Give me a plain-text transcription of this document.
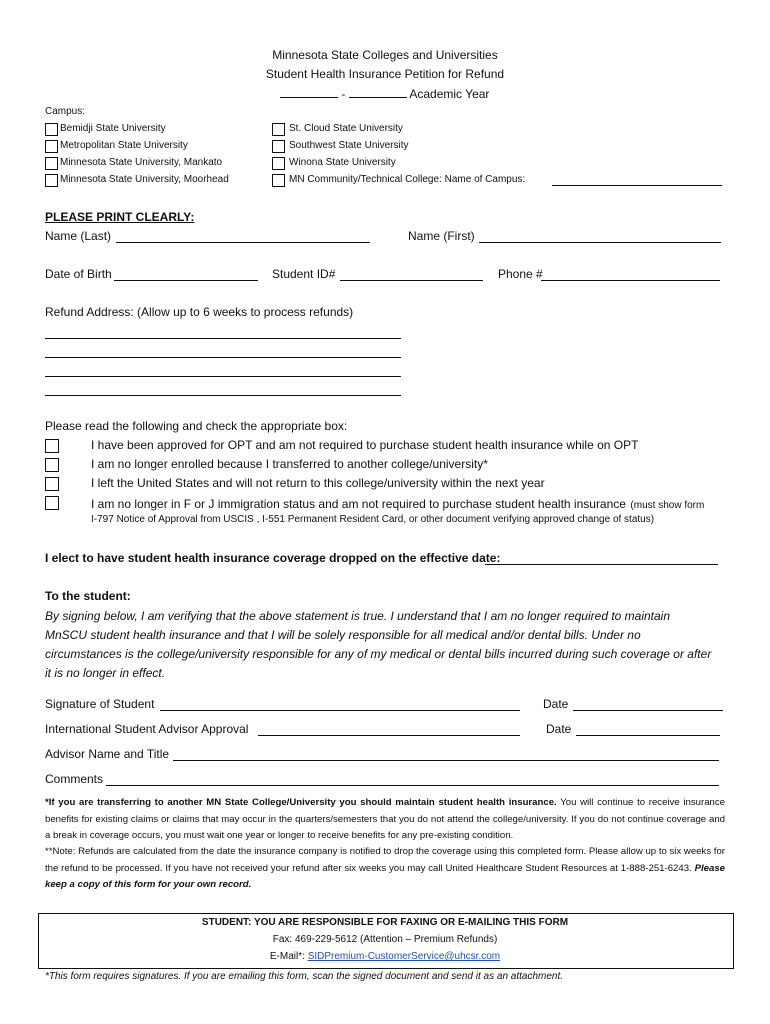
Minnesota State Colleges and Universities
Student Health Insurance Petition for Refund
-	Academic Year
Campus:
Bemidji State University
Metropolitan State University
Minnesota State University, Mankato
Minnesota State University, Moorhead
St. Cloud State University
Southwest State University
Winona State University
MN Community/Technical College: Name of Campus:
PLEASE PRINT CLEARLY:
Name (Last)	Name (First)
Date of Birth	Student ID#	Phone #
Refund Address: (Allow up to 6 weeks to process refunds)
Please read the following and check the appropriate box:
I have been approved for OPT and am not required to purchase student health insurance while on OPT
I am no longer enrolled because I transferred to another college/university*
I left the United States and will not return to this college/university within the next year
I am no longer in F or J immigration status and am not required to purchase student health insurance (must show form
I-797 Notice of Approval from USCIS , I-551 Permanent Resident Card, or other document verifying approved change of status)
I elect to have student health insurance coverage dropped on the effective date:
To the student:
By signing below, I am verifying that the above statement is true. I understand that I am no longer required to maintain
MnSCU student health insurance and that I will be solely responsible for all medical and/or dental bills. Under no
circumstances is the college/university responsible for any of my medical or dental bills incurred during such coverage or after
it is no longer in effect.
Signature of Student	Date
International Student Advisor Approval	Date
Advisor Name and Title
Comments
*If you are transferring to another MN State College/University you should maintain student health insurance. You will continue to receive insurance benefits for existing claims or claims that may occur in the quarters/semesters that you do not attend the college/university. If you do not continue coverage and a break in coverage occurs, you must wait one year or longer to receive benefits for any pre-existing condition.
**Note: Refunds are calculated from the date the insurance company is notified to drop the coverage using this completed form. Please allow up to six weeks for the refund to be processed. If you have not received your refund after six weeks you may call United Healthcare Student Resources at 1-888-251-6243. Please keep a copy of this form for your own record.
STUDENT: YOU ARE RESPONSIBLE FOR FAXING OR E-MAILING THIS FORM
Fax: 469-229-5612 (Attention – Premium Refunds)
E-Mail*: SIDPremium-CustomerService@uhcsr.com
*This form requires signatures. If you are emailing this form, scan the signed document and send it as an attachment.
